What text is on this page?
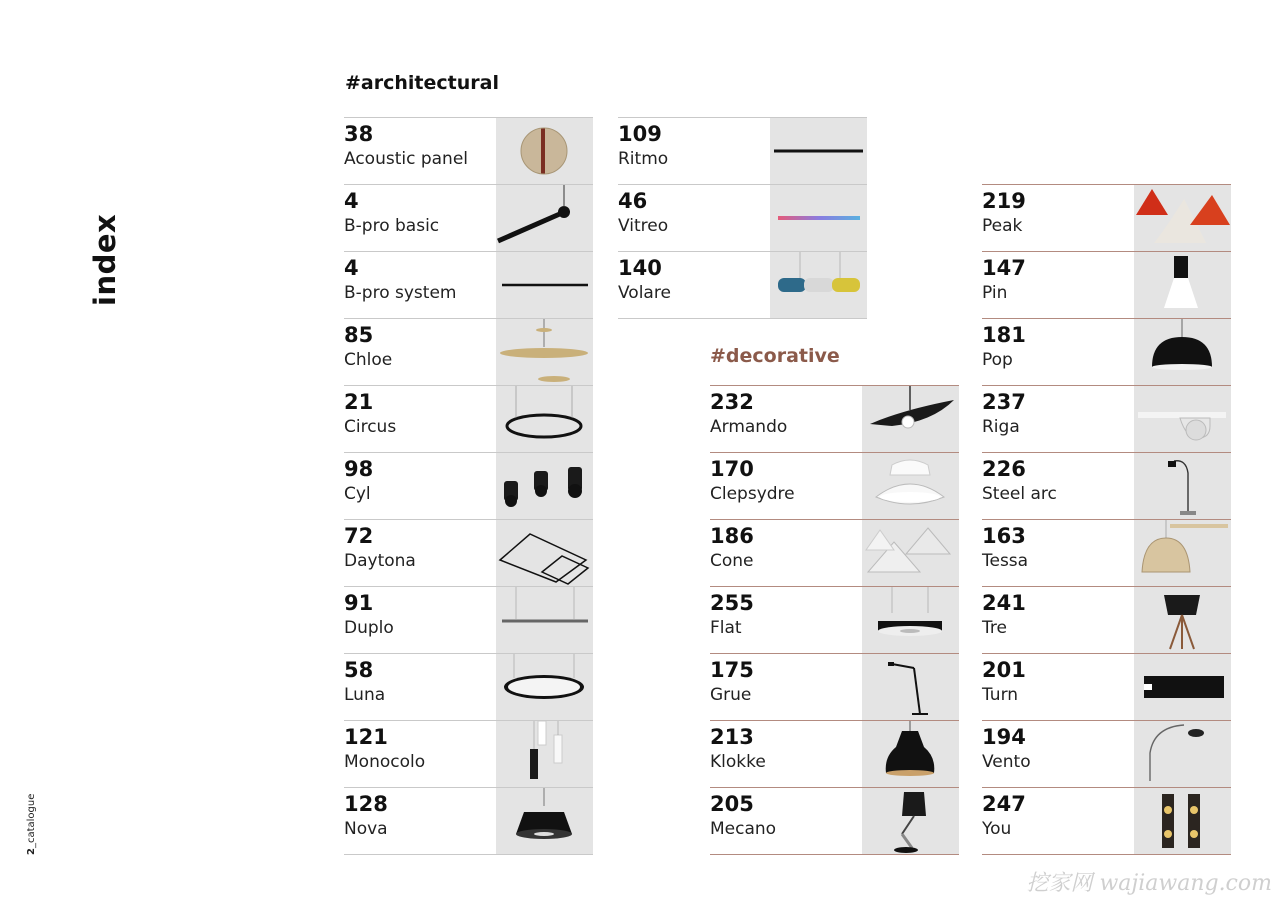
index
2_catalogue
#architectural
#decorative
38
Acoustic panel
4
B-pro basic
4
B-pro system
85
Chloe
21
Circus
98
Cyl
72
Daytona
91
Duplo
58
Luna
121
Monocolo
128
Nova
109
Ritmo
46
Vitreo
140
Volare
232
Armando
170
Clepsydre
186
Cone
255
Flat
175
Grue
213
Klokke
205
Mecano
219
Peak
147
Pin
181
Pop
237
Riga
226
Steel arc
163
Tessa
241
Tre
201
Turn
194
Vento
247
You
挖家网 wajiawang.com
